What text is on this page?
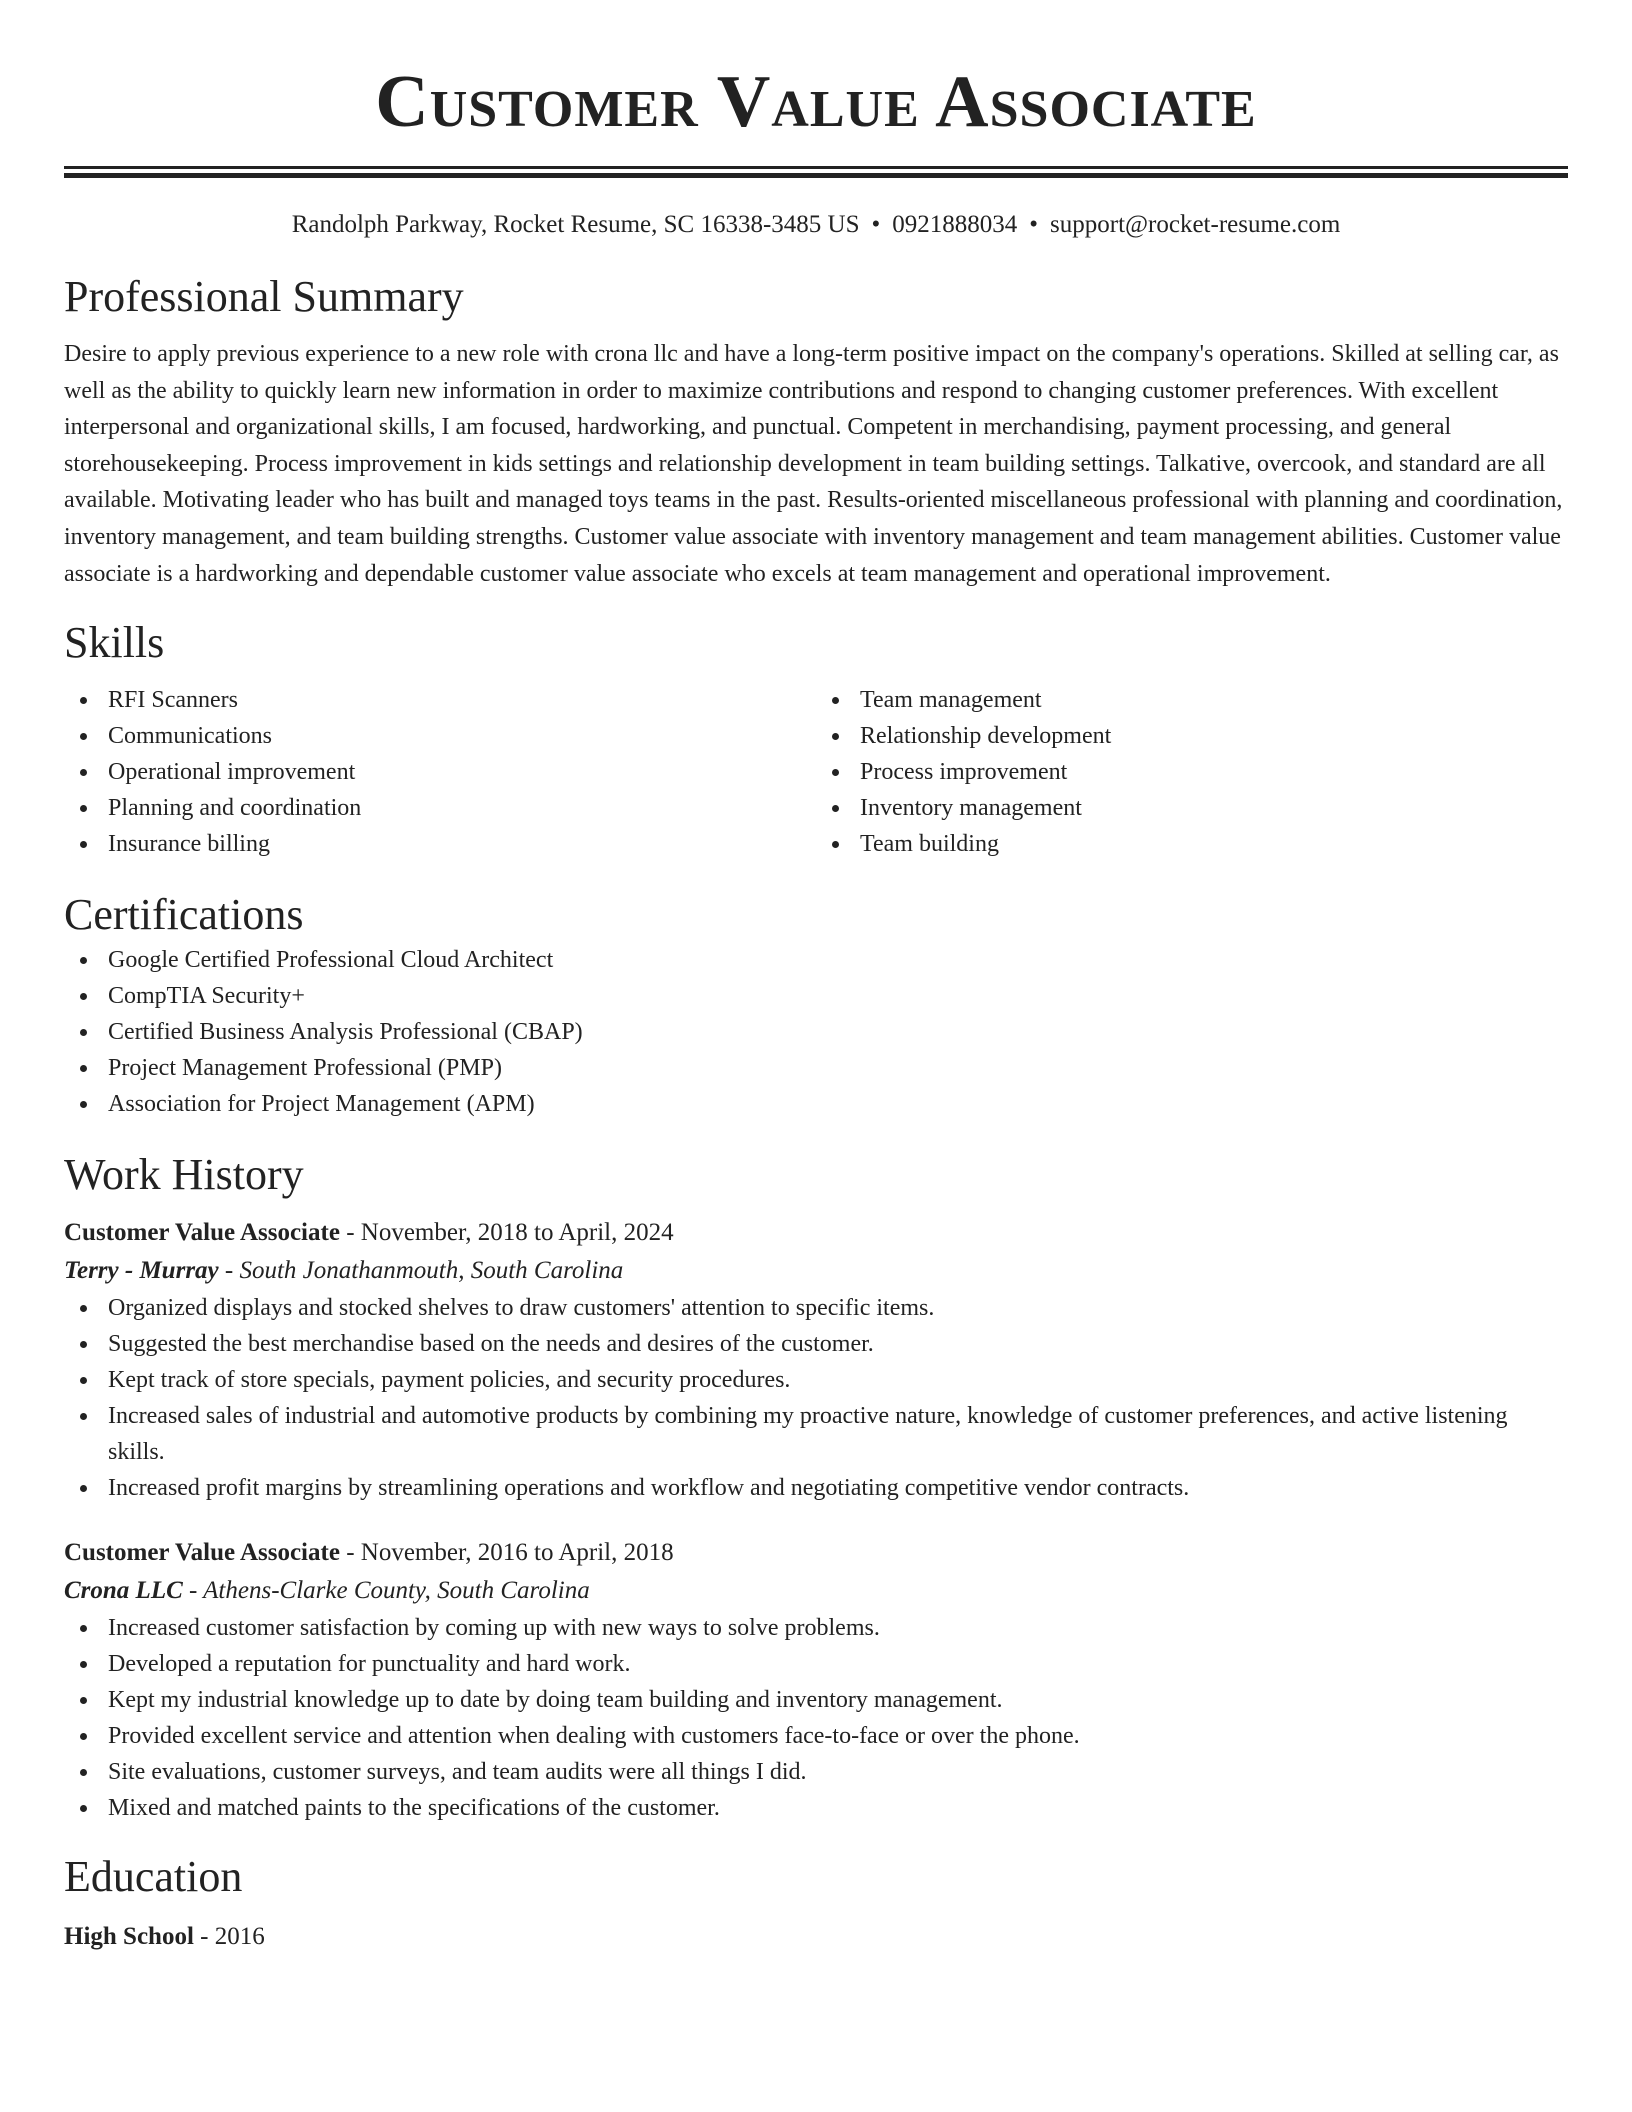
Customer Value Associate
Randolph Parkway, Rocket Resume, SC 16338-3485 US • 0921888034 • support@rocket-resume.com
Professional Summary

Desire to apply previous experience to a new role with crona llc and have a long-term positive impact on the company's operations. Skilled at selling car, as well as the ability to quickly learn new information in order to maximize contributions and respond to changing customer preferences. With excellent interpersonal and organizational skills, I am focused, hardworking, and punctual. Competent in merchandising, payment processing, and general storehousekeeping. Process improvement in kids settings and relationship development in team building settings. Talkative, overcook, and standard are all available. Motivating leader who has built and managed toys teams in the past. Results-oriented miscellaneous professional with planning and coordination, inventory management, and team building strengths. Customer value associate with inventory management and team management abilities. Customer value associate is a hardworking and dependable customer value associate who excels at team management and operational improvement.

Skills
RFI Scanners
Communications
Operational improvement
Planning and coordination
Insurance billing
Team management
Relationship development
Process improvement
Inventory management
Team building
Certifications
Google Certified Professional Cloud Architect
CompTIA Security+
Certified Business Analysis Professional (CBAP)
Project Management Professional (PMP)
Association for Project Management (APM)
Work History
Customer Value Associate - November, 2018 to April, 2024
Terry - Murray - South Jonathanmouth, South Carolina
Organized displays and stocked shelves to draw customers' attention to specific items.
Suggested the best merchandise based on the needs and desires of the customer.
Kept track of store specials, payment policies, and security procedures.
Increased sales of industrial and automotive products by combining my proactive nature, knowledge of customer preferences, and active listening skills.
Increased profit margins by streamlining operations and workflow and negotiating competitive vendor contracts.
Customer Value Associate - November, 2016 to April, 2018
Crona LLC - Athens-Clarke County, South Carolina
Increased customer satisfaction by coming up with new ways to solve problems.
Developed a reputation for punctuality and hard work.
Kept my industrial knowledge up to date by doing team building and inventory management.
Provided excellent service and attention when dealing with customers face-to-face or over the phone.
Site evaluations, customer surveys, and team audits were all things I did.
Mixed and matched paints to the specifications of the customer.
Education
High School - 2016
